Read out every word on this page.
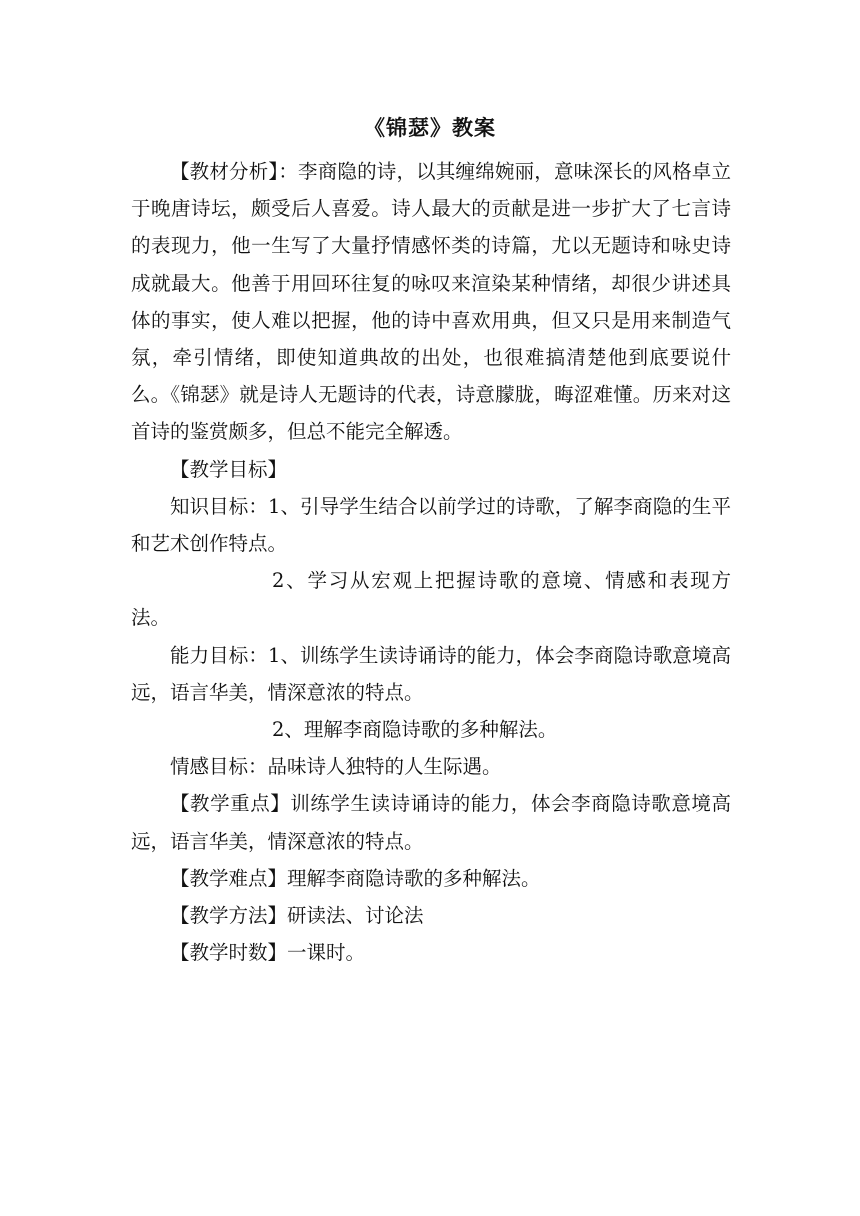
《锦瑟》教案

【教材分析】：李商隐的诗，以其缠绵婉丽，意味深长的风格卓立于晚唐诗坛，颇受后人喜爱。诗人最大的贡献是进一步扩大了七言诗的表现力，他一生写了大量抒情感怀类的诗篇，尤以无题诗和咏史诗成就最大。他善于用回环往复的咏叹来渲染某种情绪，却很少讲述具体的事实，使人难以把握，他的诗中喜欢用典，但又只是用来制造气氛，牵引情绪，即使知道典故的出处，也很难搞清楚他到底要说什么。《锦瑟》就是诗人无题诗的代表，诗意朦胧，晦涩难懂。历来对这首诗的鉴赏颇多，但总不能完全解透。

【教学目标】

知识目标：1、引导学生结合以前学过的诗歌，了解李商隐的生平和艺术创作特点。

2、学习从宏观上把握诗歌的意境、情感和表现方法。

能力目标：1、训练学生读诗诵诗的能力，体会李商隐诗歌意境高远，语言华美，情深意浓的特点。

2、理解李商隐诗歌的多种解法。

情感目标：品味诗人独特的人生际遇。

【教学重点】训练学生读诗诵诗的能力，体会李商隐诗歌意境高远，语言华美，情深意浓的特点。

【教学难点】理解李商隐诗歌的多种解法。

【教学方法】研读法、讨论法

【教学时数】一课时。
